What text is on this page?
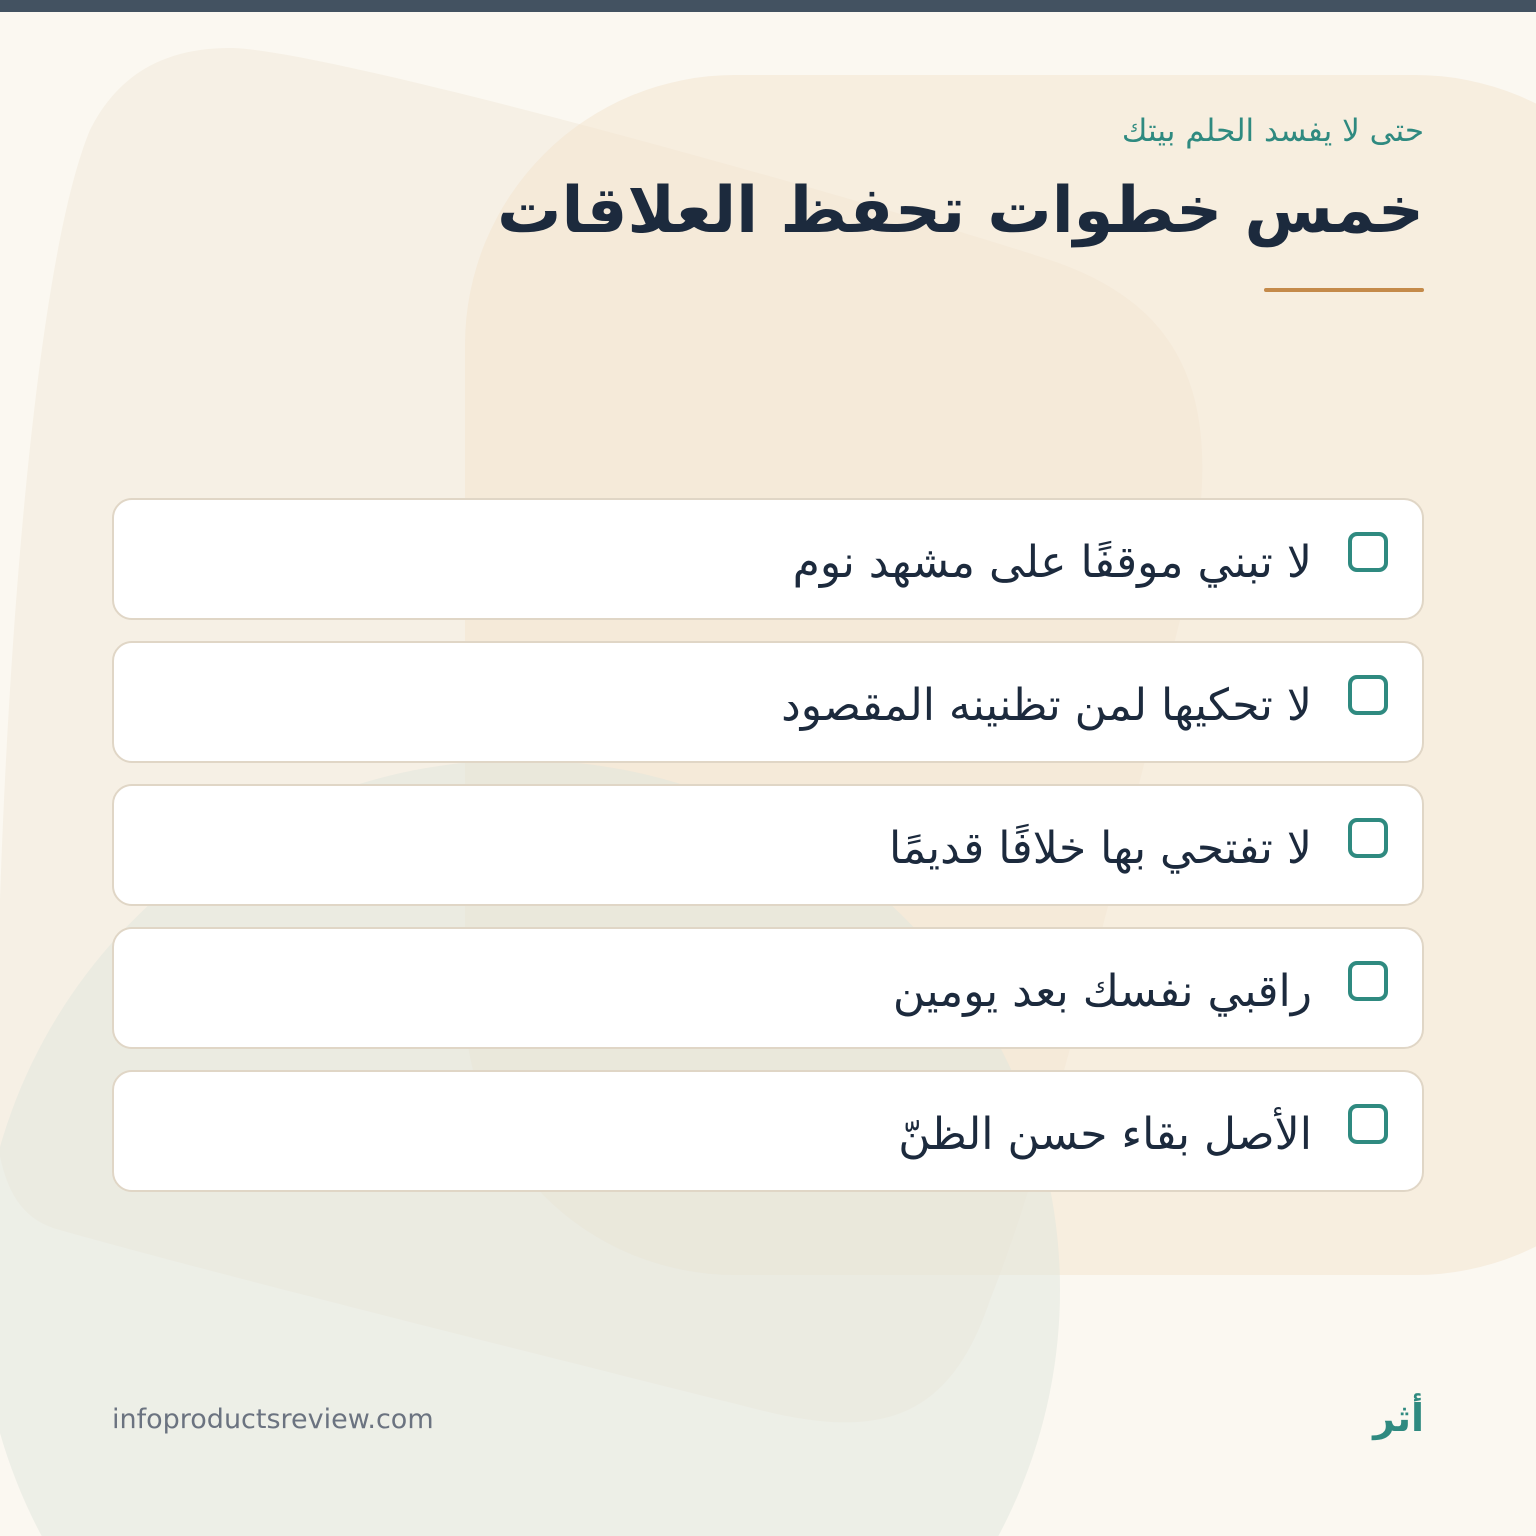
حتى لا يفسد الحلم بيتك

خمس خطوات تحفظ العلاقات
لا تبني موقفًا على مشهد نوم
لا تحكيها لمن تظنينه المقصود
لا تفتحي بها خلافًا قديمًا
راقبي نفسك بعد يومين
الأصل بقاء حسن الظنّ
infoproductsreview.com	أثر
